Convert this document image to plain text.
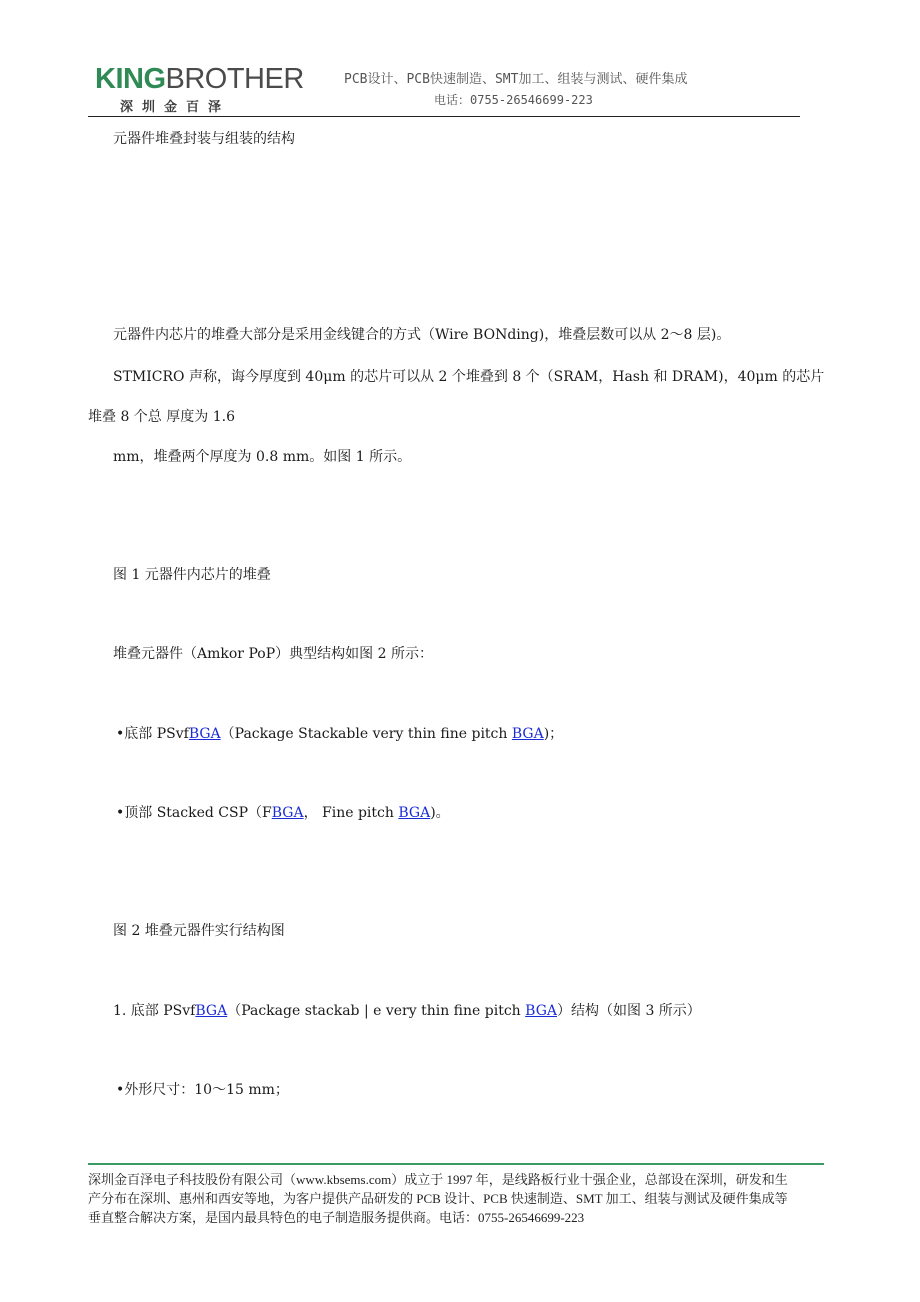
KINGBROTHER
深圳金百泽
PCB设计、PCB快速制造、SMT加工、组装与测试、硬件集成
电话：0755-26546699-223
元器件堆叠封装与组装的结构
元器件内芯片的堆叠大部分是采用金线键合的方式（Wire BONding)，堆叠层数可以从 2～8 层)。
STMICRO 声称，诲今厚度到 40μm 的芯片可以从 2 个堆叠到 8 个（SRAM，Hash 和 DRAM)，40μm 的芯片
堆叠 8 个总 厚度为 1.6
mm，堆叠两个厚度为 0.8 mm。如图 1 所示。
图 1 元器件内芯片的堆叠
堆叠元器件（Amkor PoP）典型结构如图 2 所示：
•底部 PSvfBGA（Package Stackable very thin fine pitch BGA)；
•顶部 Stacked CSP（FBGA， Fine pitch BGA)。
图 2 堆叠元器件实行结构图
1. 底部 PSvfBGA（Package stackab | e very thin fine pitch BGA）结构（如图 3 所示）
•外形尺寸：10～15 mm；
深圳金百泽电子科技股份有限公司（www.kbsems.com）成立于 1997 年，是线路板行业十强企业，总部设在深圳，研发和生
产分布在深圳、惠州和西安等地，为客户提供产品研发的 PCB 设计、PCB 快速制造、SMT 加工、组装与测试及硬件集成等
垂直整合解决方案，是国内最具特色的电子制造服务提供商。电话：0755-26546699-223
